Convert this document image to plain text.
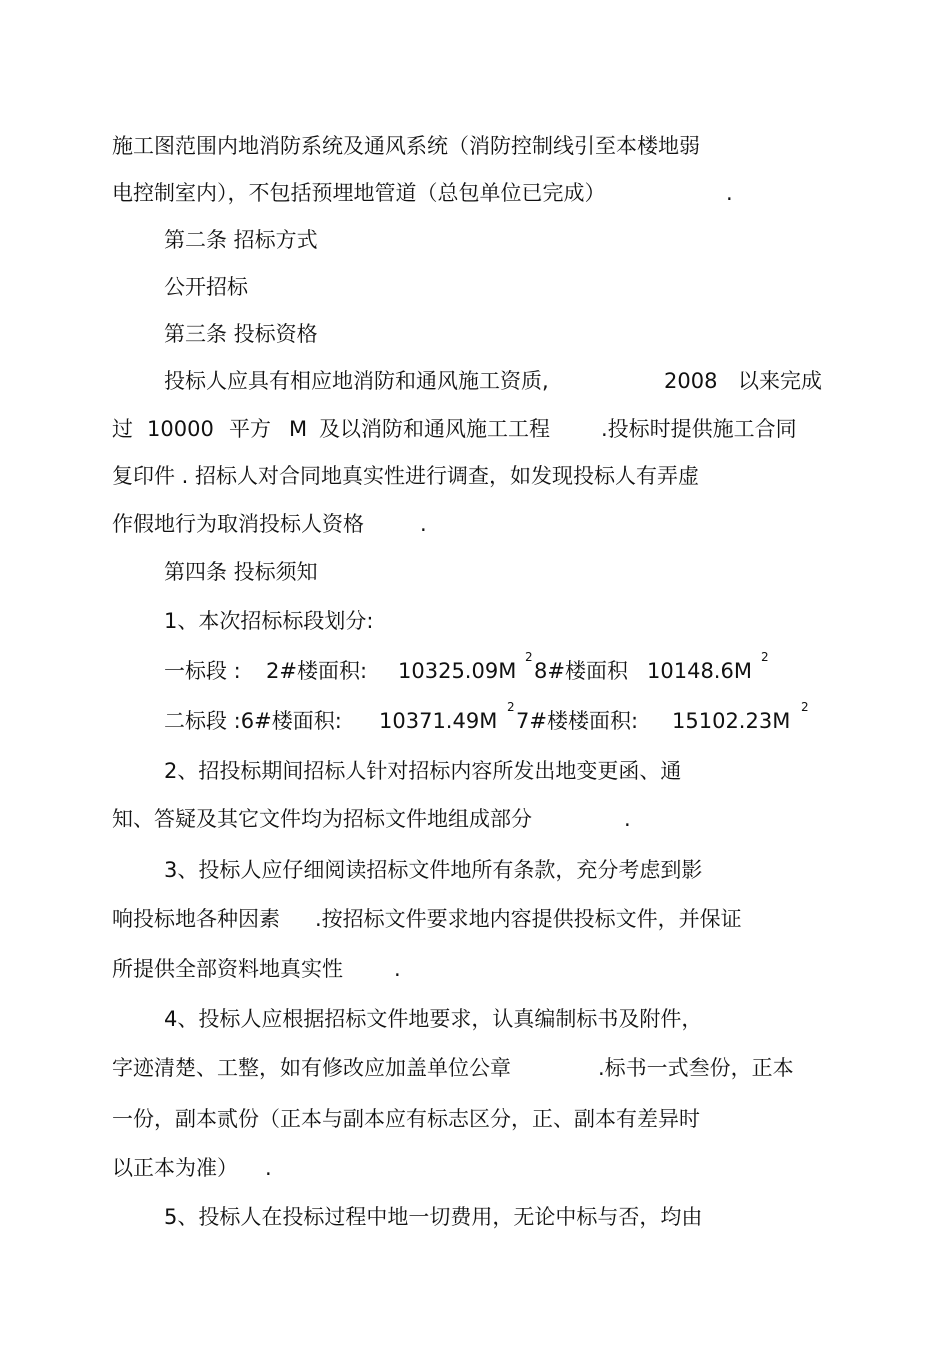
施工图范围内地消防系统及通风系统（消防控制线引至本楼地弱
电控制室内），不包括预埋地管道（总包单位已完成）	.
第二条 招标方式
公开招标
第三条 投标资格
投标人应具有相应地消防和通风施工资质,	2008 以来完成
过 10000 平方 M 及以消防和通风施工工程 .投标时提供施工合同
复印件 . 招标人对合同地真实性进行调查，如发现投标人有弄虚
作假地行为取消投标人资格	.
第四条 投标须知
1、本次招标标段划分:
一标段 : 2#楼面积: 10325.09M
2
8#楼面积 10148.6M
2
二标段 :6#楼面积: 10371.49M
2
7#楼楼面积: 15102.23M
2
2、招投标期间招标人针对招标内容所发出地变更函、通
知、答疑及其它文件均为招标文件地组成部分	.
3、投标人应仔细阅读招标文件地所有条款，充分考虑到影
响投标地各种因素 .按招标文件要求地内容提供投标文件，并保证
所提供全部资料地真实性 .
4、投标人应根据招标文件地要求，认真编制标书及附件，
字迹清楚、工整，如有修改应加盖单位公章	.标书一式叁份，正本
一份，副本贰份（正本与副本应有标志区分，正、副本有差异时
以正本为准） .
5、投标人在投标过程中地一切费用，无论中标与否，均由
